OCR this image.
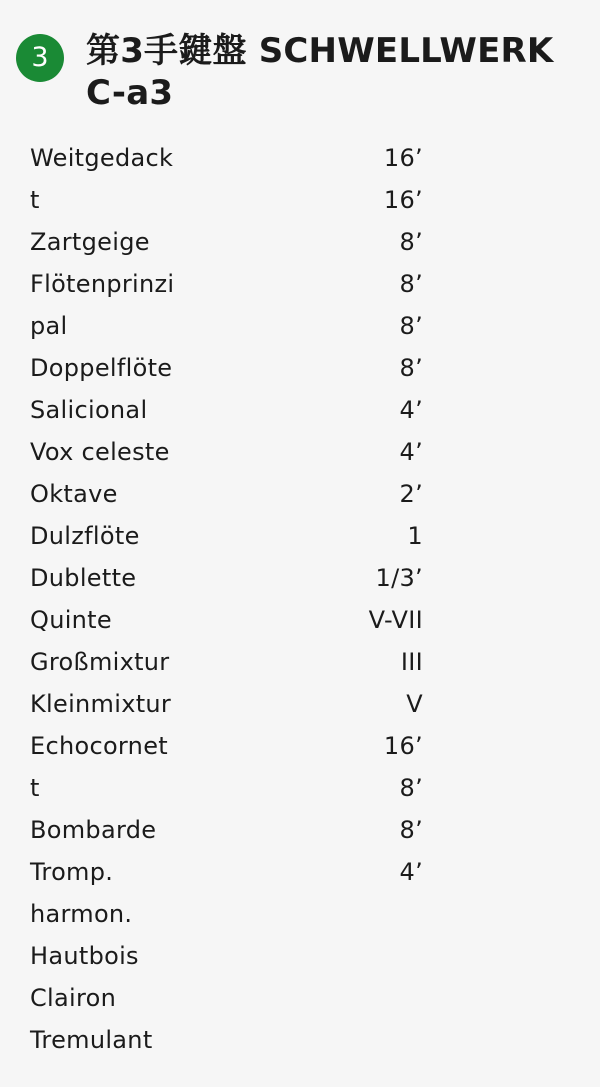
3	第3手鍵盤 SCHWELLWERK C-a3
Weitgedack
t
Zartgeige
Flötenprinzi
pal
Doppelflöte
Salicional
Vox celeste
Oktave
Dulzflöte
Dublette
Quinte
Großmixtur
Kleinmixtur
Echocornet
t
Bombarde
Tromp.
harmon.
Hautbois
Clairon
Tremulant
16’
16’
8’
8’
8’
8’
4’
4’
2’
1
1/3’
V-VII
III
V
16’
8’
8’
4’
